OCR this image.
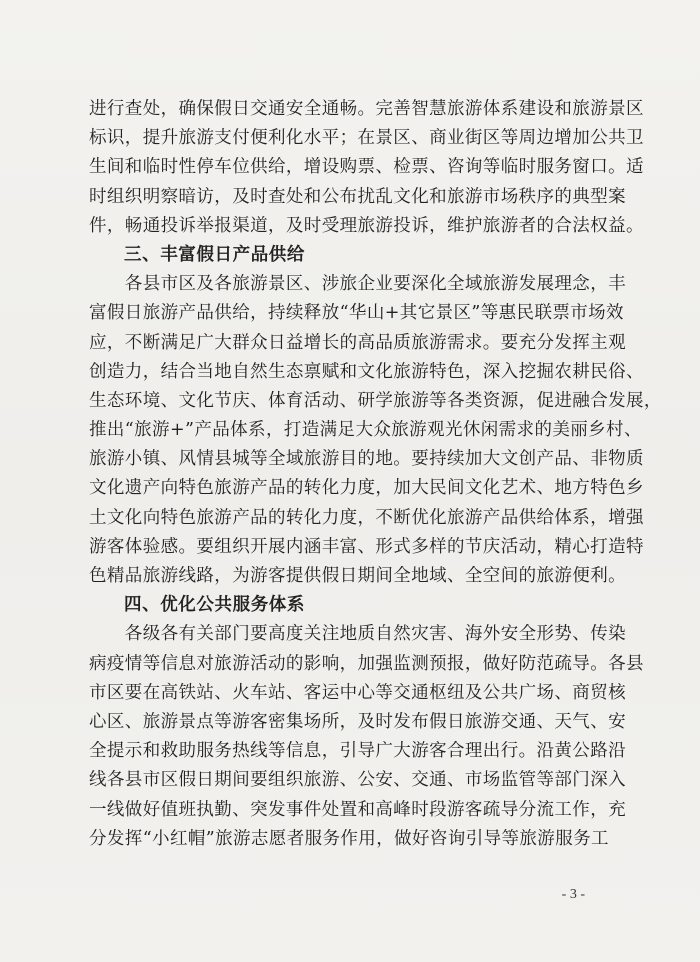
进行查处，确保假日交通安全通畅。完善智慧旅游体系建设和旅游景区
标识，提升旅游支付便利化水平；在景区、商业街区等周边增加公共卫
生间和临时性停车位供给，增设购票、检票、咨询等临时服务窗口。适
时组织明察暗访，及时查处和公布扰乱文化和旅游市场秩序的典型案
件，畅通投诉举报渠道，及时受理旅游投诉，维护旅游者的合法权益。
三、丰富假日产品供给
　　各县市区及各旅游景区、涉旅企业要深化全域旅游发展理念，丰
富假日旅游产品供给，持续释放“华山+其它景区”等惠民联票市场效
应，不断满足广大群众日益增长的高品质旅游需求。要充分发挥主观
创造力，结合当地自然生态禀赋和文化旅游特色，深入挖掘农耕民俗、
生态环境、文化节庆、体育活动、研学旅游等各类资源，促进融合发展，
推出“旅游+”产品体系，打造满足大众旅游观光休闲需求的美丽乡村、
旅游小镇、风情县城等全域旅游目的地。要持续加大文创产品、非物质
文化遗产向特色旅游产品的转化力度，加大民间文化艺术、地方特色乡
土文化向特色旅游产品的转化力度，不断优化旅游产品供给体系，增强
游客体验感。要组织开展内涵丰富、形式多样的节庆活动，精心打造特
色精品旅游线路，为游客提供假日期间全地域、全空间的旅游便利。
四、优化公共服务体系
　　各级各有关部门要高度关注地质自然灾害、海外安全形势、传染
病疫情等信息对旅游活动的影响，加强监测预报，做好防范疏导。各县
市区要在高铁站、火车站、客运中心等交通枢纽及公共广场、商贸核
心区、旅游景点等游客密集场所，及时发布假日旅游交通、天气、安
全提示和救助服务热线等信息，引导广大游客合理出行。沿黄公路沿
线各县市区假日期间要组织旅游、公安、交通、市场监管等部门深入
一线做好值班执勤、突发事件处置和高峰时段游客疏导分流工作，充
分发挥“小红帽”旅游志愿者服务作用，做好咨询引导等旅游服务工
- 3 -
